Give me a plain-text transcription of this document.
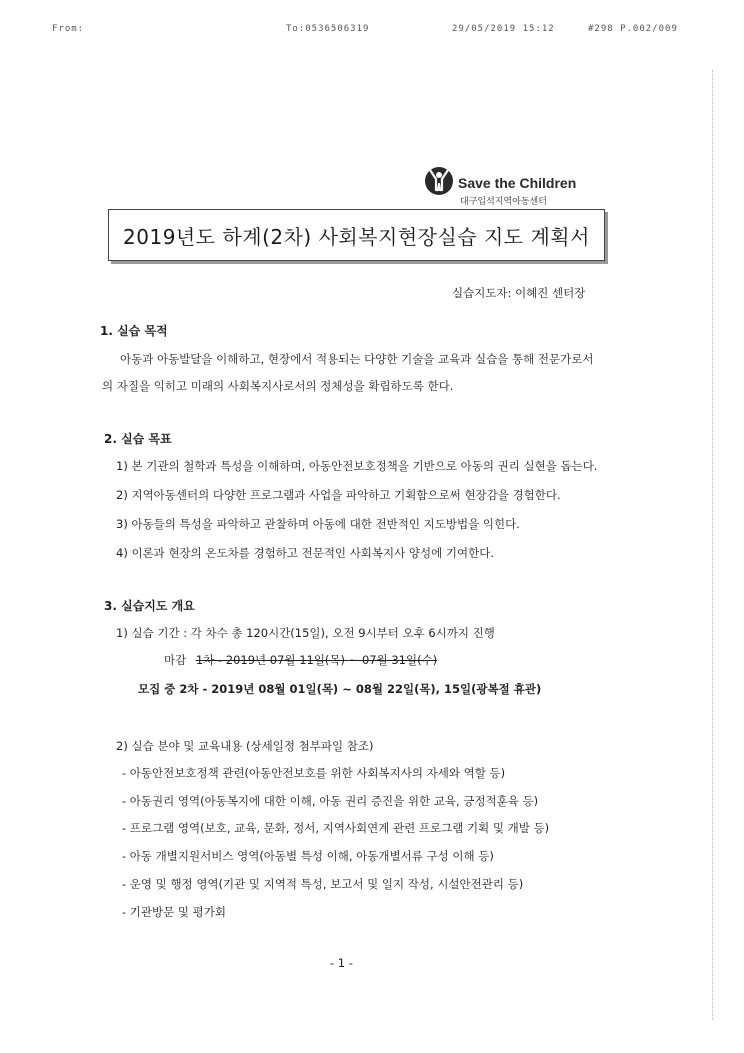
From:	To:0536506319	29/05/2019 15:12	#298 P.002/009
Save the Children
대구입석지역아동센터
2019년도 하계(2차) 사회복지현장실습 지도 계획서
실습지도자: 이혜진 센터장
1. 실습 목적
아동과 아동발달을 이해하고, 현장에서 적용되는 다양한 기술을 교육과 실습을 통해 전문가로서
의 자질을 익히고 미래의 사회복지사로서의 정체성을 확립하도록 한다.
2. 실습 목표
1) 본 기관의 철학과 특성을 이해하며, 아동안전보호정책을 기반으로 아동의 권리 실현을 돕는다.
2) 지역아동센터의 다양한 프로그램과 사업을 파악하고 기획함으로써 현장감을 경험한다.
3) 아동들의 특성을 파악하고 관찰하며 아동에 대한 전반적인 지도방법을 익힌다.
4) 이론과 현장의 온도차를 경험하고 전문적인 사회복지사 양성에 기여한다.
3. 실습지도 개요
1) 실습 기간 : 각 차수 총 120시간(15일), 오전 9시부터 오후 6시까지 진행
마감 1차 - 2019년 07월 11일(목) ~ 07월 31일(수)
모집 중 2차 - 2019년 08월 01일(목) ~ 08월 22일(목), 15일(광복절 휴관)
2) 실습 분야 및 교육내용 (상세일정 첨부파일 참조)
- 아동안전보호정책 관련(아동안전보호를 위한 사회복지사의 자세와 역할 등)
- 아동권리 영역(아동복지에 대한 이해, 아동 권리 증진을 위한 교육, 긍정적훈육 등)
- 프로그램 영역(보호, 교육, 문화, 정서, 지역사회연계 관련 프로그램 기획 및 개발 등)
- 아동 개별지원서비스 영역(아동별 특성 이해, 아동개별서류 구성 이해 등)
- 운영 및 행정 영역(기관 및 지역적 특성, 보고서 및 일지 작성, 시설안전관리 등)
- 기관방문 및 평가회
- 1 -
